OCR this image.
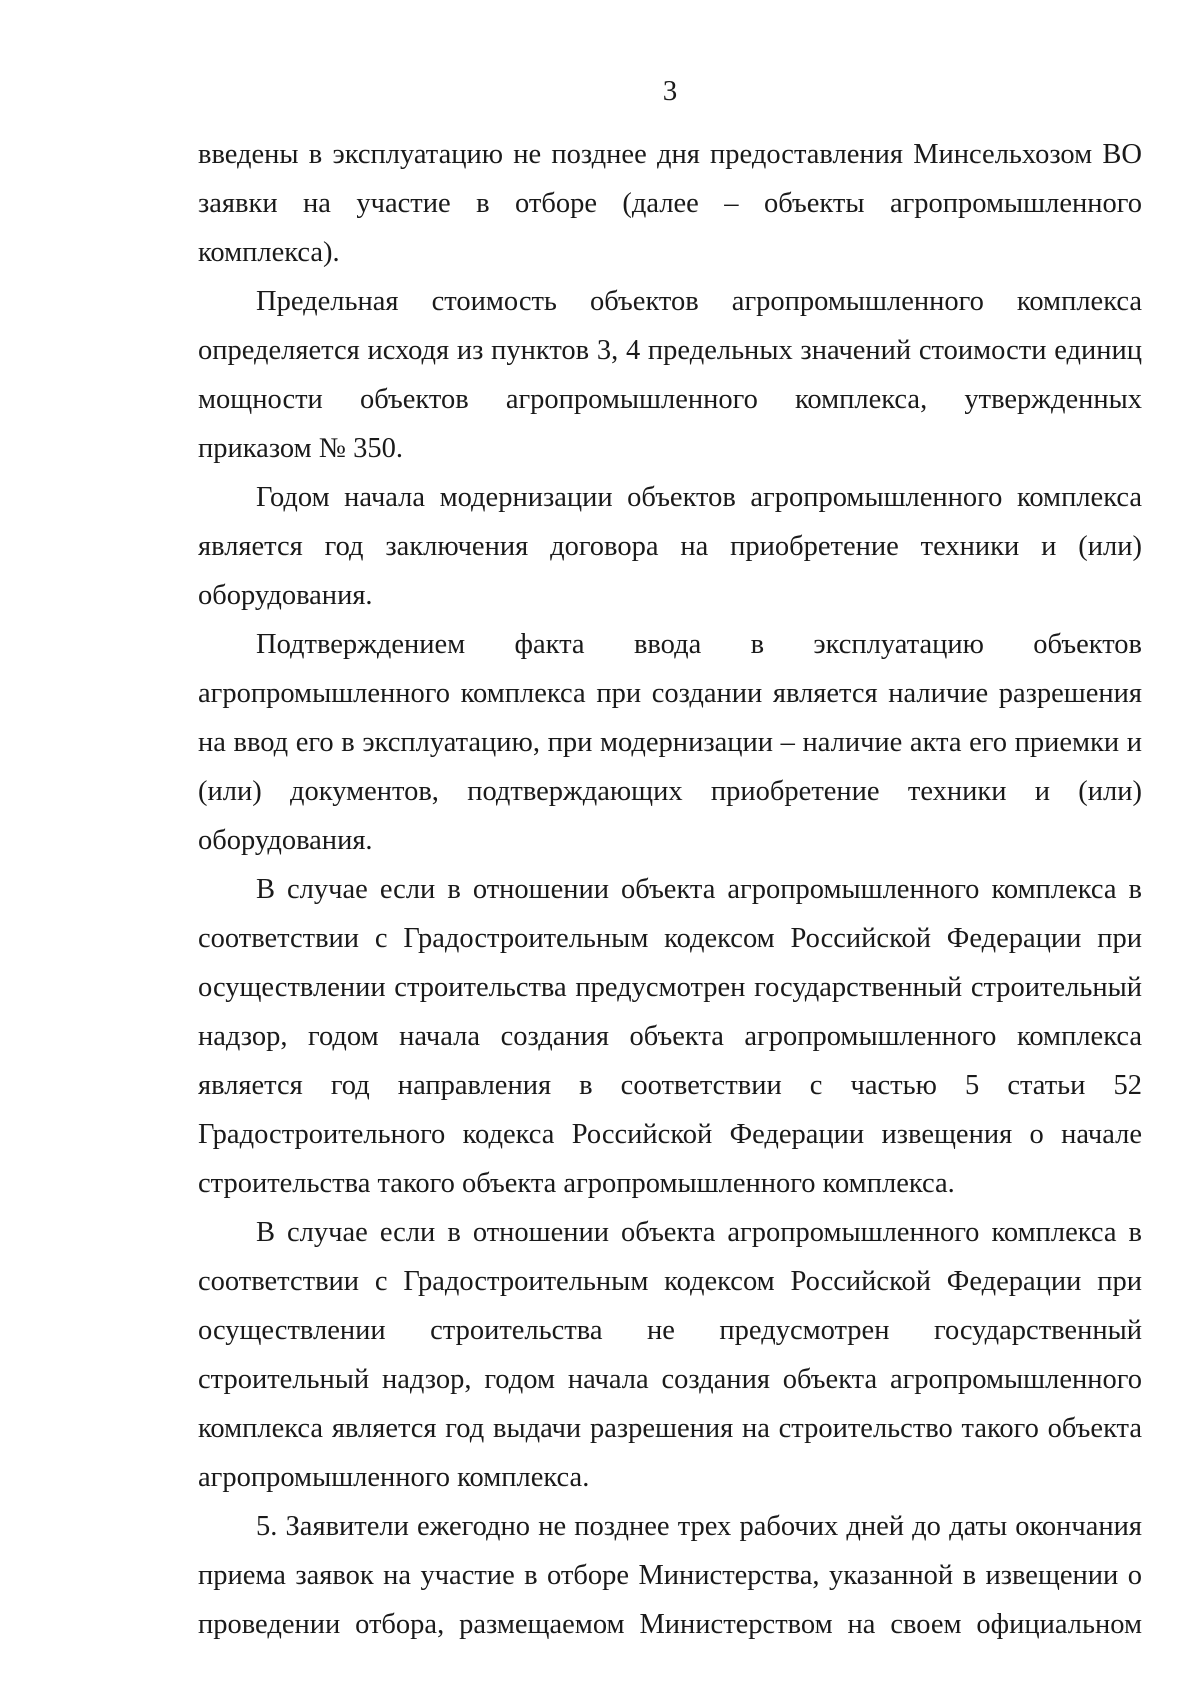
3

введены в эксплуатацию не позднее дня предоставления Минсельхозом ВО заявки на участие в отборе (далее – объекты агропромышленного комплекса).

Предельная стоимость объектов агропромышленного комплекса определяется исходя из пунктов 3, 4 предельных значений стоимости единиц мощности объектов агропромышленного комплекса, утвержденных приказом № 350.

Годом начала модернизации объектов агропромышленного комплекса является год заключения договора на приобретение техники и (или) оборудования.

Подтверждением факта ввода в эксплуатацию объектов агропромышленного комплекса при создании является наличие разрешения на ввод его в эксплуатацию, при модернизации – наличие акта его приемки и (или) документов, подтверждающих приобретение техники и (или) оборудования.

В случае если в отношении объекта агропромышленного комплекса в соответствии с Градостроительным кодексом Российской Федерации при осуществлении строительства предусмотрен государственный строительный надзор, годом начала создания объекта агропромышленного комплекса является год направления в соответствии с частью 5 статьи 52 Градостроительного кодекса Российской Федерации извещения о начале строительства такого объекта агропромышленного комплекса.

В случае если в отношении объекта агропромышленного комплекса в соответствии с Градостроительным кодексом Российской Федерации при осуществлении строительства не предусмотрен государственный строительный надзор, годом начала создания объекта агропромышленного комплекса является год выдачи разрешения на строительство такого объекта агропромышленного комплекса.

5. Заявители ежегодно не позднее трех рабочих дней до даты окончания приема заявок на участие в отборе Министерства, указанной в извещении о проведении отбора, размещаемом Министерством на своем официальном
